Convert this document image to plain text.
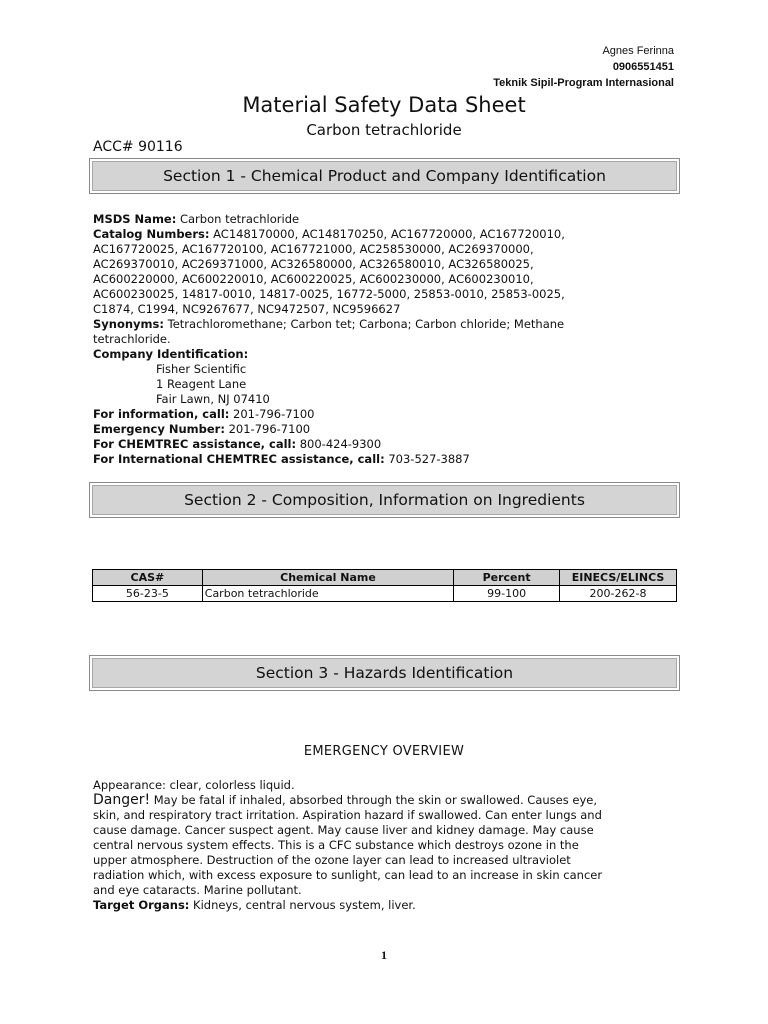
Agnes Ferinna
0906551451
Teknik Sipil-Program Internasional
Material Safety Data Sheet
Carbon tetrachloride
ACC# 90116
Section 1 - Chemical Product and Company Identification
MSDS Name: Carbon tetrachloride
Catalog Numbers: AC148170000, AC148170250, AC167720000, AC167720010,
AC167720025, AC167720100, AC167721000, AC258530000, AC269370000,
AC269370010, AC269371000, AC326580000, AC326580010, AC326580025,
AC600220000, AC600220010, AC600220025, AC600230000, AC600230010,
AC600230025, 14817-0010, 14817-0025, 16772-5000, 25853-0010, 25853-0025,
C1874, C1994, NC9267677, NC9472507, NC9596627
Synonyms: Tetrachloromethane; Carbon tet; Carbona; Carbon chloride; Methane
tetrachloride.
Company Identification:
Fisher Scientific
1 Reagent Lane
Fair Lawn, NJ 07410
For information, call: 201-796-7100
Emergency Number: 201-796-7100
For CHEMTREC assistance, call: 800-424-9300
For International CHEMTREC assistance, call: 703-527-3887
Section 2 - Composition, Information on Ingredients
CAS#	Chemical Name	Percent	EINECS/ELINCS
56-23-5	Carbon tetrachloride	99-100	200-262-8
Section 3 - Hazards Identification
EMERGENCY OVERVIEW
Appearance: clear, colorless liquid.
Danger! May be fatal if inhaled, absorbed through the skin or swallowed. Causes eye,
skin, and respiratory tract irritation. Aspiration hazard if swallowed. Can enter lungs and
cause damage. Cancer suspect agent. May cause liver and kidney damage. May cause
central nervous system effects. This is a CFC substance which destroys ozone in the
upper atmosphere. Destruction of the ozone layer can lead to increased ultraviolet
radiation which, with excess exposure to sunlight, can lead to an increase in skin cancer
and eye cataracts. Marine pollutant.
Target Organs: Kidneys, central nervous system, liver.
1
